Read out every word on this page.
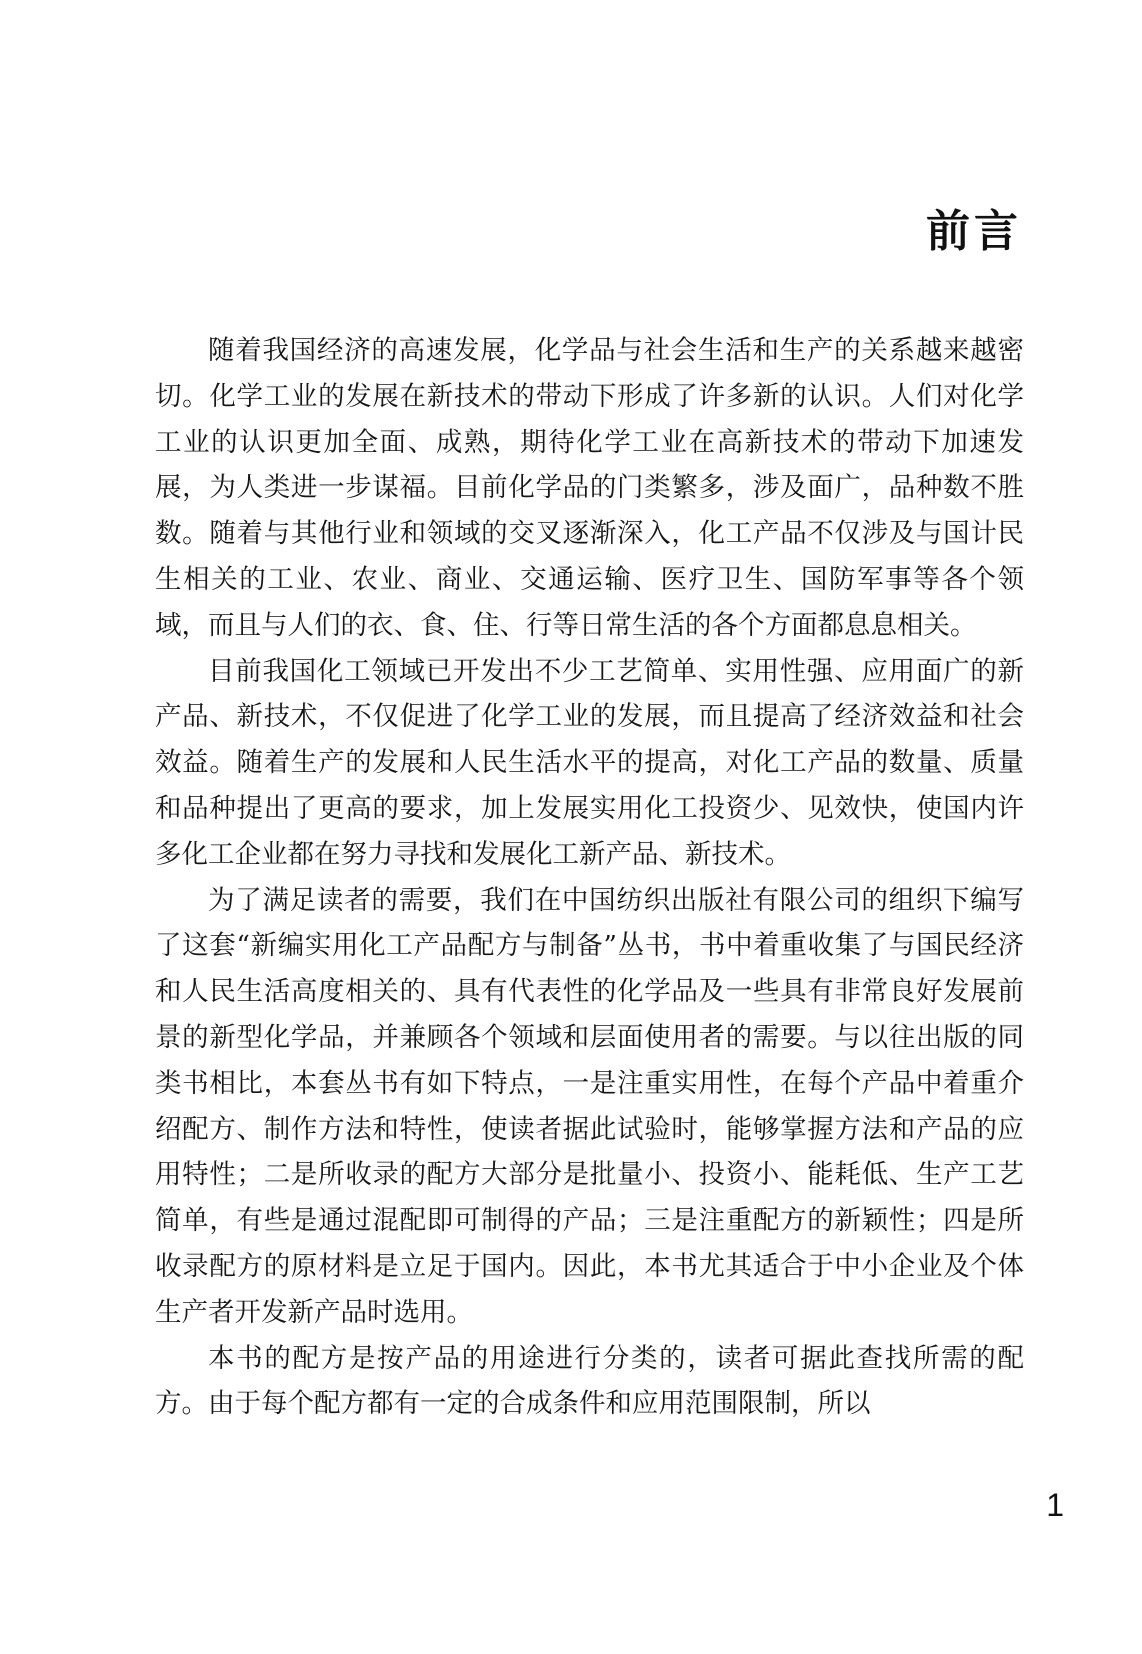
前言

随着我国经济的高速发展，化学品与社会生活和生产的关系越来越密切。化学工业的发展在新技术的带动下形成了许多新的认识。人们对化学工业的认识更加全面、成熟，期待化学工业在高新技术的带动下加速发展，为人类进一步谋福。目前化学品的门类繁多，涉及面广，品种数不胜数。随着与其他行业和领域的交叉逐渐深入，化工产品不仅涉及与国计民生相关的工业、农业、商业、交通运输、医疗卫生、国防军事等各个领域，而且与人们的衣、食、住、行等日常生活的各个方面都息息相关。

目前我国化工领域已开发出不少工艺简单、实用性强、应用面广的新产品、新技术，不仅促进了化学工业的发展，而且提高了经济效益和社会效益。随着生产的发展和人民生活水平的提高，对化工产品的数量、质量和品种提出了更高的要求，加上发展实用化工投资少、见效快，使国内许多化工企业都在努力寻找和发展化工新产品、新技术。

为了满足读者的需要，我们在中国纺织出版社有限公司的组织下编写了这套“新编实用化工产品配方与制备”丛书，书中着重收集了与国民经济和人民生活高度相关的、具有代表性的化学品及一些具有非常良好发展前景的新型化学品，并兼顾各个领域和层面使用者的需要。与以往出版的同类书相比，本套丛书有如下特点，一是注重实用性，在每个产品中着重介绍配方、制作方法和特性，使读者据此试验时，能够掌握方法和产品的应用特性；二是所收录的配方大部分是批量小、投资小、能耗低、生产工艺简单，有些是通过混配即可制得的产品；三是注重配方的新颖性；四是所收录配方的原材料是立足于国内。因此，本书尤其适合于中小企业及个体生产者开发新产品时选用。

本书的配方是按产品的用途进行分类的，读者可据此查找所需的配方。由于每个配方都有一定的合成条件和应用范围限制，所以

1
